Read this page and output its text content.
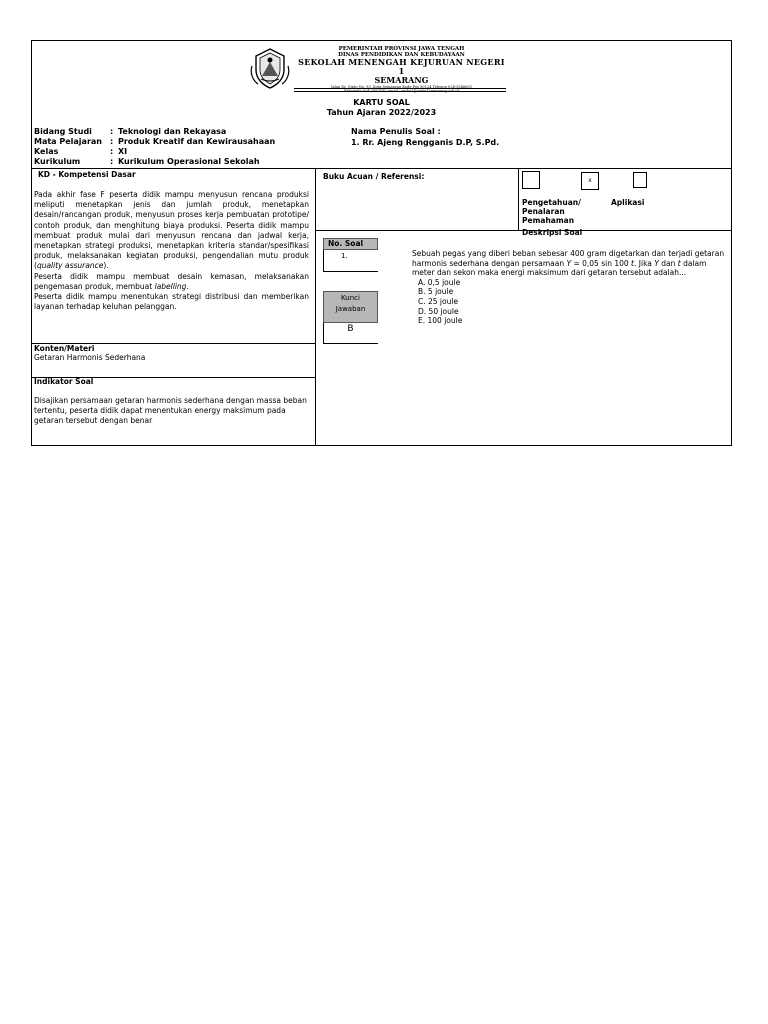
PEMERINTAH PROVINSI JAWA TENGAH
DINAS PENDIDIKAN DAN KEBUDAYAAN
SEKOLAH MENENGAH KEJURUAN NEGERI 1
SEMARANG
Jalan Dr. Cipto No. 93, Kota Semarang Kode Pos 50124 Telepon 024-3546651
Faksimile 024-3587192 email : smkn1@smkn1semarang.sch.id
KARTU SOAL
Tahun Ajaran 2022/2023
Bidang Studi : Teknologi dan Rekayasa
Mata Pelajaran : Produk Kreatif dan Kewirausahaan
Kelas	: XI
Kurikulum	: Kurikulum Operasional Sekolah
Nama Penulis Soal :
1. Rr. Ajeng Rengganis D.P, S.Pd.
KD - Kompetensi Dasar

Pada akhir fase F peserta didik mampu menyusun rencana produksi meliputi menetapkan jenis dan jumlah produk, menetapkan desain/rancangan produk, menyusun proses kerja pembuatan prototipe/ contoh produk, dan menghitung biaya produksi. Peserta didik mampu membuat produk mulai dari menyusun rencana dan jadwal kerja, menetapkan strategi produksi, menetapkan kriteria standar/spesifikasi produk, melaksanakan kegiatan produksi, pengendalian mutu produk (quality assurance).

Peserta didik mampu membuat desain kemasan, melaksanakan pengemasan produk, membuat labelling.

Peserta didik mampu menentukan strategi distribusi dan memberikan layanan terhadap keluhan pelanggan.

Konten/Materi
Getaran Harmonis Sederhana
Indikator Soal
Disajikan persamaan getaran harmonis sederhana dengan massa beban tertentu, peserta didik dapat menentukan energy maksimum pada getaran tersebut dengan benar
Buku Acuan / Referensi:	x
Pengetahuan/
Penalaran
Pemahaman
Aplikasi
Deskripsi Soal
No. Soal
1.
Kunci
Jawaban
B
Sebuah pegas yang diberi beban sebesar 400 gram digetarkan dan terjadi getaran harmonis sederhana dengan persamaan Y = 0,05 sin 100 t. Jika Y dan t dalam meter dan sekon maka energi maksimum dari getaran tersebut adalah...
A. 0,5 joule
B. 5 joule
C. 25 joule
D. 50 joule
E. 100 joule
